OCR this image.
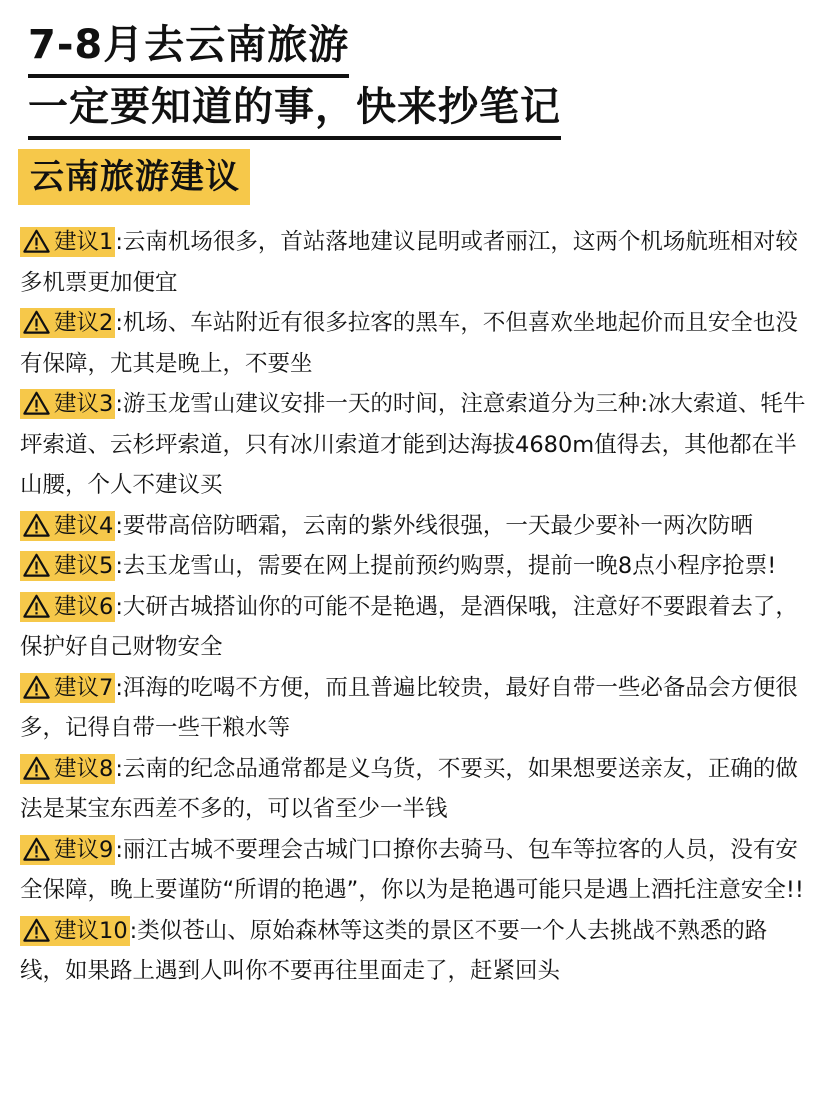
7-8月去云南旅游
一定要知道的事，快来抄笔记
云南旅游建议
建议1:云南机场很多，首站落地建议昆明或者丽江，这两个机场航班相对较多机票更加便宜
建议2:机场、车站附近有很多拉客的黑车，不但喜欢坐地起价而且安全也没有保障，尤其是晚上，不要坐
建议3:游玉龙雪山建议安排一天的时间，注意索道分为三种:冰大索道、牦牛坪索道、云杉坪索道，只有冰川索道才能到达海拔4680m值得去，其他都在半山腰，个人不建议买
建议4:要带高倍防晒霜，云南的紫外线很强，一天最少要补一两次防晒
建议5:去玉龙雪山，需要在网上提前预约购票，提前一晚8点小程序抢票!
建议6:大研古城搭讪你的可能不是艳遇，是酒保哦，注意好不要跟着去了，保护好自己财物安全
建议7:洱海的吃喝不方便，而且普遍比较贵，最好自带一些必备品会方便很多，记得自带一些干粮水等
建议8:云南的纪念品通常都是义乌货，不要买，如果想要送亲友，正确的做法是某宝东西差不多的，可以省至少一半钱
建议9:丽江古城不要理会古城门口撩你去骑马、包车等拉客的人员，没有安全保障，晚上要谨防“所谓的艳遇”，你以为是艳遇可能只是遇上酒托注意安全!!
建议10:类似苍山、原始森林等这类的景区不要一个人去挑战不熟悉的路线，如果路上遇到人叫你不要再往里面走了，赶紧回头
